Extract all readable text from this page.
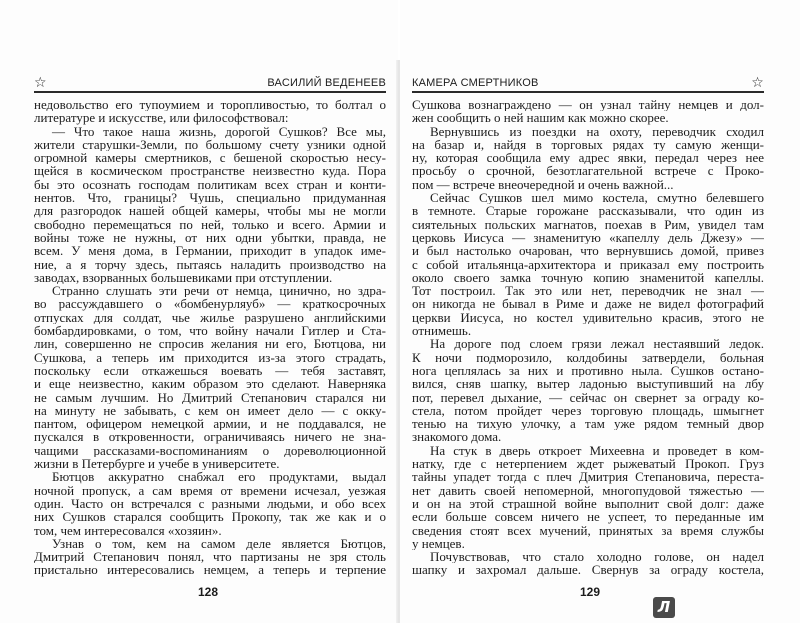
☆	ВАСИЛИЙ ВЕДЕНЕЕВ
недовольство его тупоумием и торопливостью, то болтал о
литературе и искусстве, или философствовал:
— Что такое наша жизнь, дорогой Сушков? Все мы,
жители старушки-Земли, по большому счету узники одной
огромной камеры смертников, с бешеной скоростью несу-
щейся в космическом пространстве неизвестно куда. Пора
бы это осознать господам политикам всех стран и конти-
нентов. Что, границы? Чушь, специально придуманная
для разгородок нашей общей камеры, чтобы мы не могли
свободно перемещаться по ней, только и всего. Армии и
войны тоже не нужны, от них одни убытки, правда, не
всем. У меня дома, в Германии, приходит в упадок име-
ние, а я торчу здесь, пытаясь наладить производство на
заводах, взорванных большевиками при отступлении.
Странно слушать эти речи от немца, цинично, но здра-
во рассуждавшего о «бомбенурляуб» — краткосрочных
отпусках для солдат, чье жилье разрушено английскими
бомбардировками, о том, что войну начали Гитлер и Ста-
лин, совершенно не спросив желания ни его, Бютцова, ни
Сушкова, а теперь им приходится из-за этого страдать,
поскольку если откажешься воевать — тебя заставят,
и еще неизвестно, каким образом это сделают. Наверняка
не самым лучшим. Но Дмитрий Степанович старался ни
на минуту не забывать, с кем он имеет дело — с окку-
пантом, офицером немецкой армии, и не поддавался, не
пускался в откровенности, ограничиваясь ничего не зна-
чащими рассказами-воспоминаниям о дореволюционной
жизни в Петербурге и учебе в университете.
Бютцов аккуратно снабжал его продуктами, выдал
ночной пропуск, а сам время от времени исчезал, уезжая
один. Часто он встречался с разными людьми, и обо всех
них Сушков старался сообщить Прокопу, так же как и о
том, чем интересовался «хозяин».
Узнав о том, кем на самом деле является Бютцов,
Дмитрий Степанович понял, что партизаны не зря столь
пристально интересовались немцем, а теперь и терпение
128
КАМЕРА СМЕРТНИКОВ	☆
Сушкова вознаграждено — он узнал тайну немцев и дол-
жен сообщить о ней нашим как можно скорее.
Вернувшись из поездки на охоту, переводчик сходил
на базар и, найдя в торговых рядах ту самую женщи-
ну, которая сообщила ему адрес явки, передал через нее
просьбу о срочной, безотлагательной встрече с Проко-
пом — встрече внеочередной и очень важной...
Сейчас Сушков шел мимо костела, смутно белевшего
в темноте. Старые горожане рассказывали, что один из
сиятельных польских магнатов, поехав в Рим, увидел там
церковь Иисуса — знаменитую «капеллу дель Джезу» —
и был настолько очарован, что вернувшись домой, привез
с собой итальянца-архитектора и приказал ему построить
около своего замка точную копию знаменитой капеллы.
Тот построил. Так это или нет, переводчик не знал —
он никогда не бывал в Риме и даже не видел фотографий
церкви Иисуса, но костел удивительно красив, этого не
отнимешь.
На дороге под слоем грязи лежал нестаявший ледок.
К ночи подморозило, колдобины затвердели, больная
нога цеплялась за них и противно ныла. Сушков остано-
вился, сняв шапку, вытер ладонью выступивший на лбу
пот, перевел дыхание, — сейчас он свернет за ограду ко-
стела, потом пройдет через торговую площадь, шмыгнет
тенью на тихую улочку, а там уже рядом темный двор
знакомого дома.
На стук в дверь откроет Михеевна и проведет в ком-
натку, где с нетерпением ждет рыжеватый Прокоп. Груз
тайны упадет тогда с плеч Дмитрия Степановича, переста-
нет давить своей непомерной, многопудовой тяжестью —
и он на этой страшной войне выполнит свой долг: даже
если больше совсем ничего не успеет, то переданные им
сведения стоят всех мучений, принятых за время службы
у немцев.
Почувствовав, что стало холодно голове, он надел
шапку и захромал дальше. Свернув за ограду костела,
129
Л
